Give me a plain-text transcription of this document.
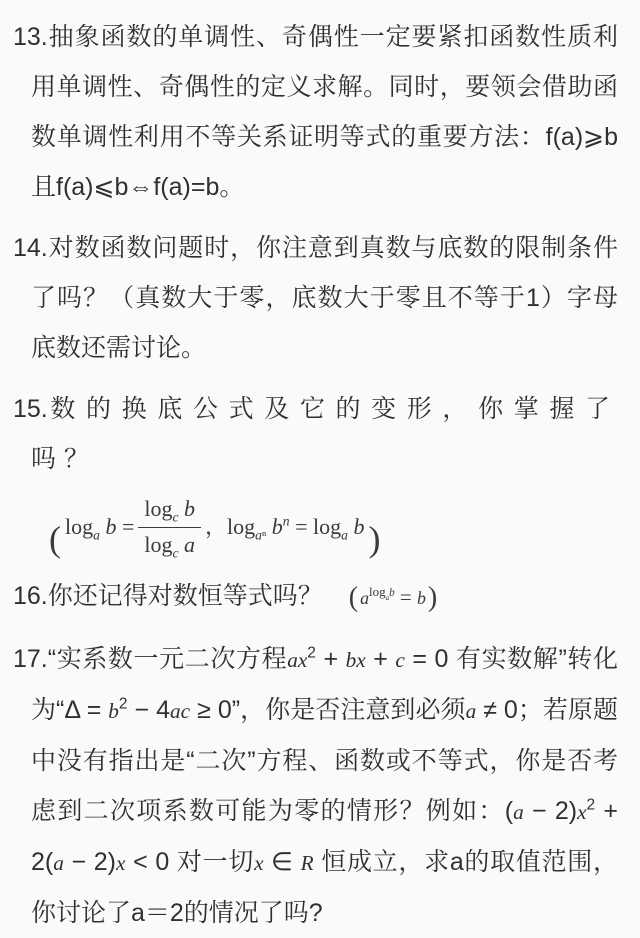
13.抽象函数的单调性、奇偶性一定要紧扣函数性质利用单调性、奇偶性的定义求解。同时，要领会借助函数单调性利用不等关系证明等式的重要方法：f(a)⩾b且f(a)⩽b⇔f(a)=b。

14.对数函数问题时，你注意到真数与底数的限制条件了吗？（真数大于零，底数大于零且不等于1）字母底数还需讨论。

15.数的换底公式及它的变形，你掌握了吗？

( $\log_a b = \frac{\log_c b}{\log_c a}$ ，$\log_{a^n} b^n = \log_a b$ )

16.你还记得对数恒等式吗？ ( $a^{log_ab} = b$)

17.“实系数一元二次方程$ax^2$ + bx + c = 0 有实数解”转化为“$\Delta = b^2 - 4ac \ge 0$”，你是否注意到必须a ≠ 0；若原题中没有指出是“二次”方程、函数或不等式，你是否考虑到二次项系数可能为零的情形？例如：$(a - 2)x^2 + 2(a - 2)x < 0$ 对一切x ∈ R 恒成立，求a的取值范围，你讨论了a＝2的情况了吗?
